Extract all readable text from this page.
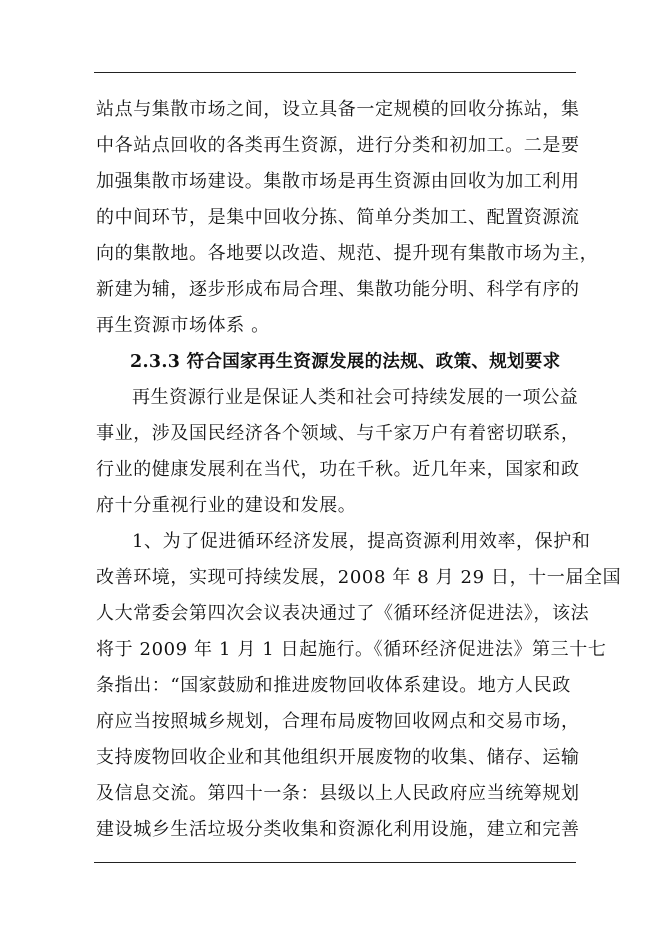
站点与集散市场之间，设立具备一定规模的回收分拣站，集
中各站点回收的各类再生资源，进行分类和初加工。二是要
加强集散市场建设。集散市场是再生资源由回收为加工利用
的中间环节，是集中回收分拣、简单分类加工、配置资源流
向的集散地。各地要以改造、规范、提升现有集散市场为主，
新建为辅，逐步形成布局合理、集散功能分明、科学有序的
再生资源市场体系 。
2.3.3 符合国家再生资源发展的法规、政策、规划要求
再生资源行业是保证人类和社会可持续发展的一项公益
事业，涉及国民经济各个领域、与千家万户有着密切联系，
行业的健康发展利在当代，功在千秋。近几年来，国家和政
府十分重视行业的建设和发展。
1、为了促进循环经济发展，提高资源利用效率，保护和
改善环境，实现可持续发展，2008 年 8 月 29 日，十一届全国
人大常委会第四次会议表决通过了《循环经济促进法》，该法
将于 2009 年 1 月 1 日起施行。《循环经济促进法》第三十七
条指出：“国家鼓励和推进废物回收体系建设。地方人民政
府应当按照城乡规划，合理布局废物回收网点和交易市场，
支持废物回收企业和其他组织开展废物的收集、储存、运输
及信息交流。第四十一条：县级以上人民政府应当统筹规划
建设城乡生活垃圾分类收集和资源化利用设施，建立和完善
